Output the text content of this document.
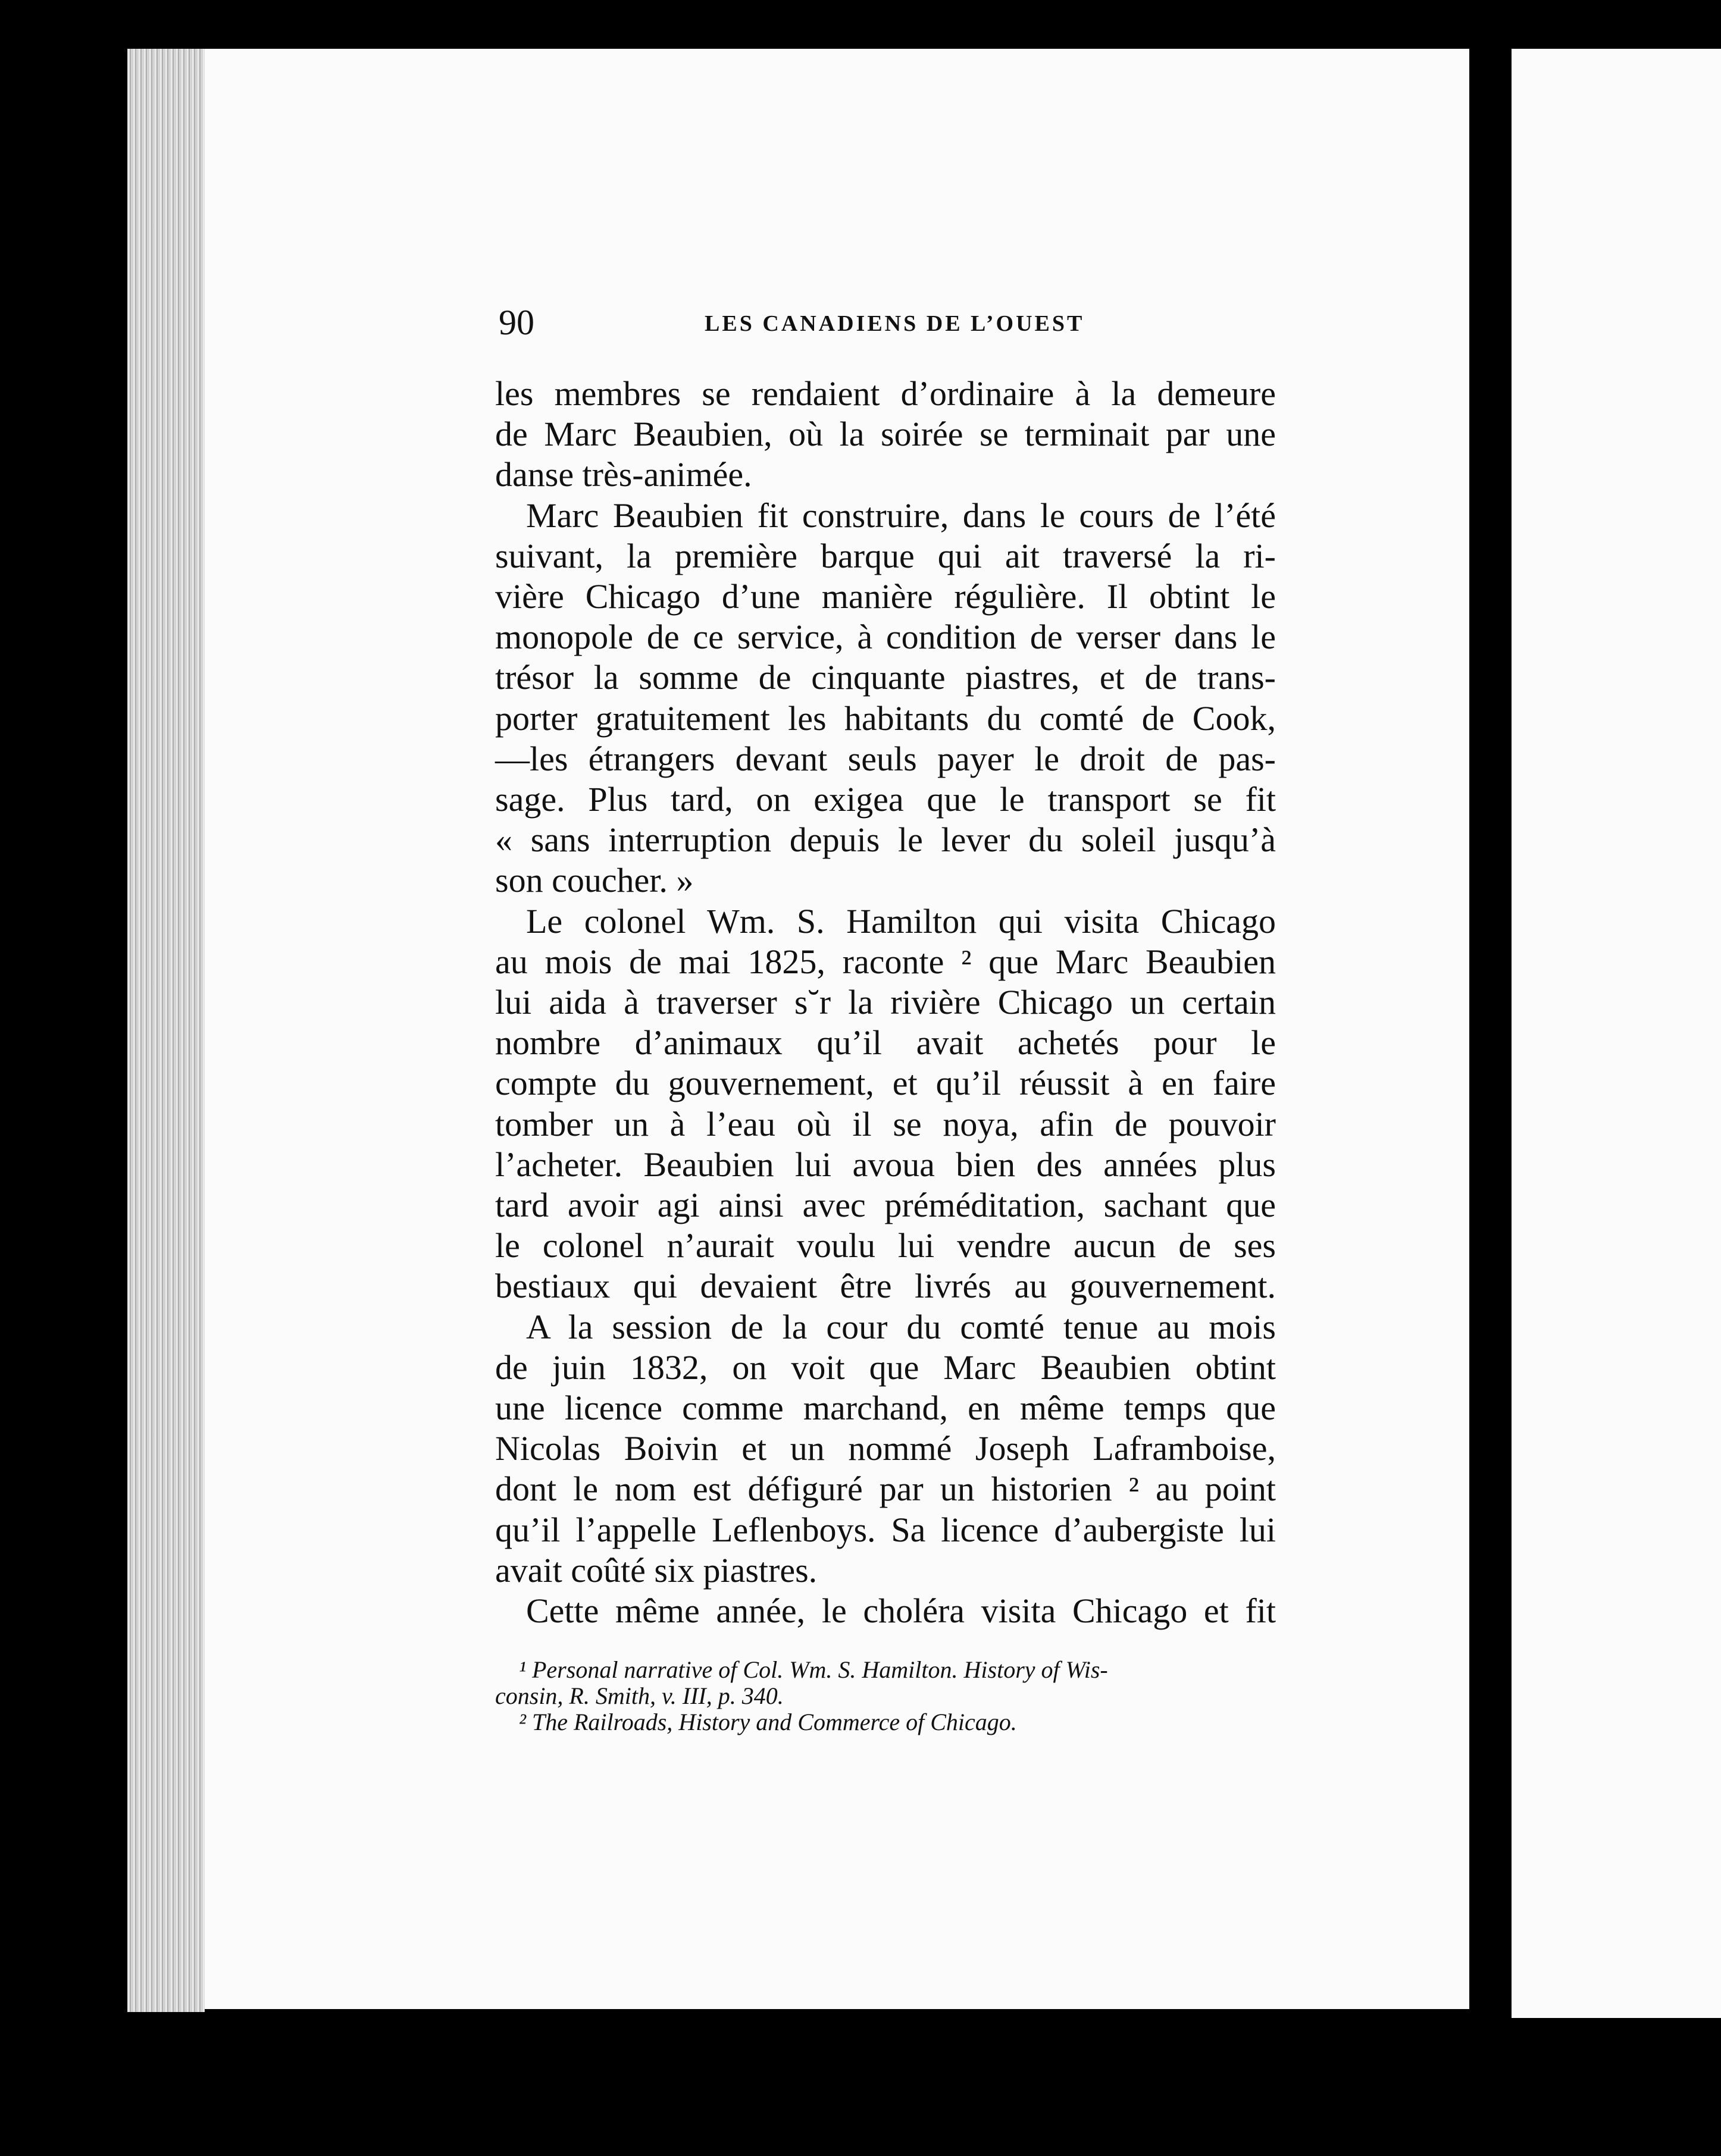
90	LES CANADIENS DE L’OUEST
les membres se rendaient d’ordinaire à la demeure
de Marc Beaubien, où la soirée se terminait par une
danse très-animée.
Marc Beaubien fit construire, dans le cours de l’été
suivant, la première barque qui ait traversé la ri-
vière Chicago d’une manière régulière. Il obtint le
monopole de ce service, à condition de verser dans le
trésor la somme de cinquante piastres, et de trans-
porter gratuitement les habitants du comté de Cook,
—les étrangers devant seuls payer le droit de pas-
sage. Plus tard, on exigea que le transport se fit
« sans interruption depuis le lever du soleil jusqu’à
son coucher. »
Le colonel Wm. S. Hamilton qui visita Chicago
au mois de mai 1825, raconte ² que Marc Beaubien
lui aida à traverser s˘r la rivière Chicago un certain
nombre d’animaux qu’il avait achetés pour le
compte du gouvernement, et qu’il réussit à en faire
tomber un à l’eau où il se noya, afin de pouvoir
l’acheter. Beaubien lui avoua bien des années plus
tard avoir agi ainsi avec préméditation, sachant que
le colonel n’aurait voulu lui vendre aucun de ses
bestiaux qui devaient être livrés au gouvernement.
A la session de la cour du comté tenue au mois
de juin 1832, on voit que Marc Beaubien obtint
une licence comme marchand, en même temps que
Nicolas Boivin et un nommé Joseph Laframboise,
dont le nom est défiguré par un historien ² au point
qu’il l’appelle Leflenboys. Sa licence d’aubergiste lui
avait coûté six piastres.
Cette même année, le choléra visita Chicago et fit
¹ Personal narrative of Col. Wm. S. Hamilton. History of Wis-
consin, R. Smith, v. III, p. 340.
² The Railroads, History and Commerce of Chicago.
